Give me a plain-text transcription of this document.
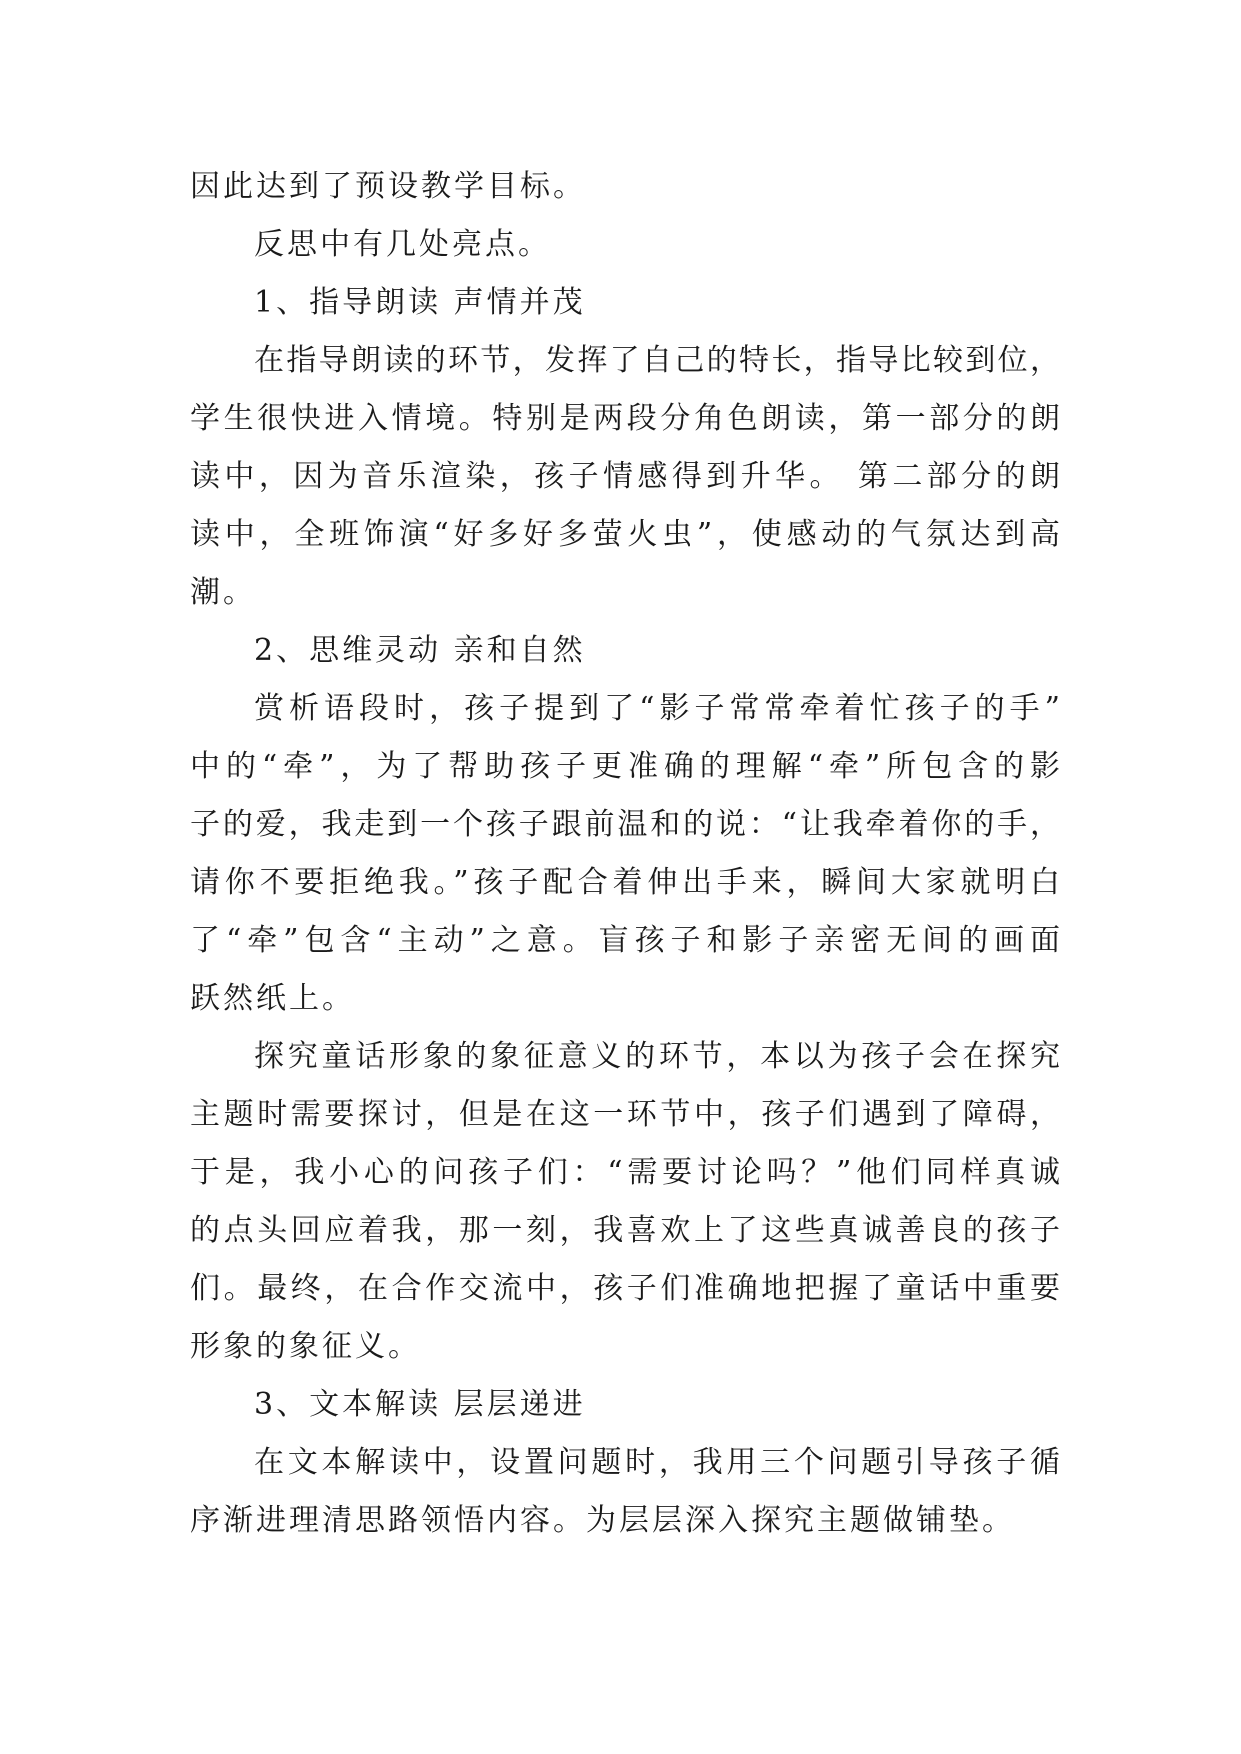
因此达到了预设教学目标。
反思中有几处亮点。
1、指导朗读 声情并茂
在指导朗读的环节，发挥了自己的特长，指导比较到位，
学生很快进入情境。特别是两段分角色朗读，第一部分的朗
读中，因为音乐渲染，孩子情感得到升华。 第二部分的朗
读中，全班饰演“好多好多萤火虫”，使感动的气氛达到高
潮。
2、思维灵动 亲和自然
赏析语段时，孩子提到了“影子常常牵着忙孩子的手”
中的“牵”，为了帮助孩子更准确的理解“牵”所包含的影
子的爱，我走到一个孩子跟前温和的说：“让我牵着你的手，
请你不要拒绝我。”孩子配合着伸出手来，瞬间大家就明白
了“牵”包含“主动”之意。盲孩子和影子亲密无间的画面
跃然纸上。
探究童话形象的象征意义的环节，本以为孩子会在探究
主题时需要探讨，但是在这一环节中，孩子们遇到了障碍，
于是，我小心的问孩子们：“需要讨论吗？”他们同样真诚
的点头回应着我，那一刻，我喜欢上了这些真诚善良的孩子
们。最终，在合作交流中，孩子们准确地把握了童话中重要
形象的象征义。
3、文本解读 层层递进
在文本解读中，设置问题时，我用三个问题引导孩子循
序渐进理清思路领悟内容。为层层深入探究主题做铺垫。
